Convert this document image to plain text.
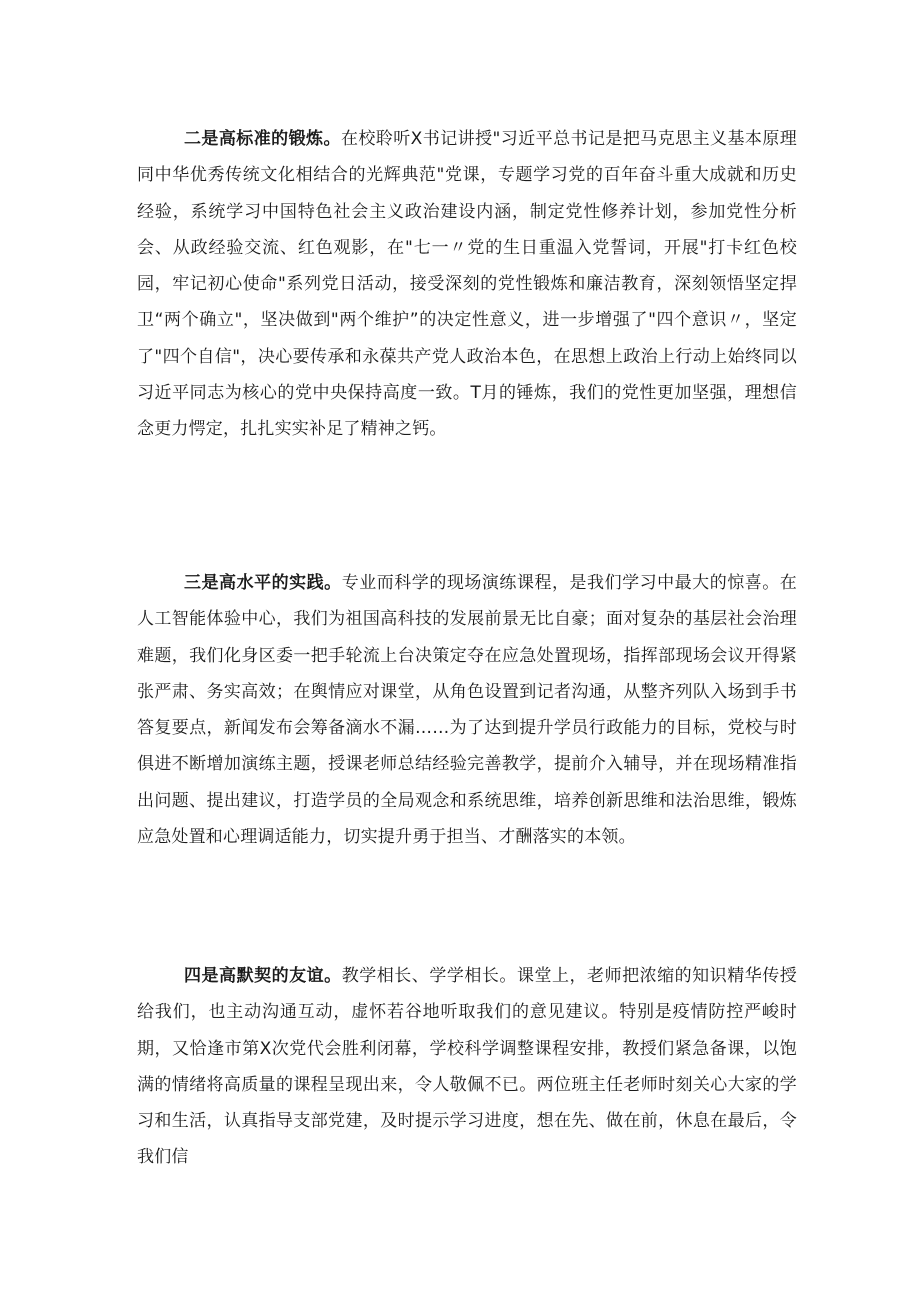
二是高标准的锻炼。在校聆听X书记讲授"习近平总书记是把马克思主义基本原理同中华优秀传统文化相结合的光辉典范"党课，专题学习党的百年奋斗重大成就和历史经验，系统学习中国特色社会主义政治建设内涵，制定党性修养计划，参加党性分析会、从政经验交流、红色观影，在"七一〃党的生日重温入党誓词，开展"打卡红色校园，牢记初心使命"系列党日活动，接受深刻的党性锻炼和廉洁教育，深刻领悟坚定捍卫“两个确立"，坚决做到"两个维护”的决定性意义，进一步增强了"四个意识〃，坚定了"四个自信"，决心要传承和永葆共产党人政治本色，在思想上政治上行动上始终同以习近平同志为核心的党中央保持高度一致。T月的锤炼，我们的党性更加坚强，理想信念更力愕定，扎扎实实补足了精神之钙。

三是高水平的实践。专业而科学的现场演练课程，是我们学习中最大的惊喜。在人工智能体验中心，我们为祖国高科技的发展前景无比自豪；面对复杂的基层社会治理难题，我们化身区委一把手轮流上台决策定夺在应急处置现场，指挥部现场会议开得紧张严肃、务实高效；在舆情应对课堂，从角色设置到记者沟通，从整齐列队入场到手书答复要点，新闻发布会筹备滴水不漏……为了达到提升学员行政能力的目标，党校与时俱进不断增加演练主题，授课老师总结经验完善教学，提前介入辅导，并在现场精准指出问题、提出建议，打造学员的全局观念和系统思维，培养创新思维和法治思维，锻炼应急处置和心理调适能力，切实提升勇于担当、才酬落实的本领。

四是高默契的友谊。教学相长、学学相长。课堂上，老师把浓缩的知识精华传授给我们，也主动沟通互动，虚怀若谷地听取我们的意见建议。特别是疫情防控严峻时期，又恰逢市第X次党代会胜利闭幕，学校科学调整课程安排，教授们紧急备课，以饱满的情绪将高质量的课程呈现出来，令人敬佩不已。两位班主任老师时刻关心大家的学习和生活，认真指导支部党建，及时提示学习进度，想在先、做在前，休息在最后，令我们信
